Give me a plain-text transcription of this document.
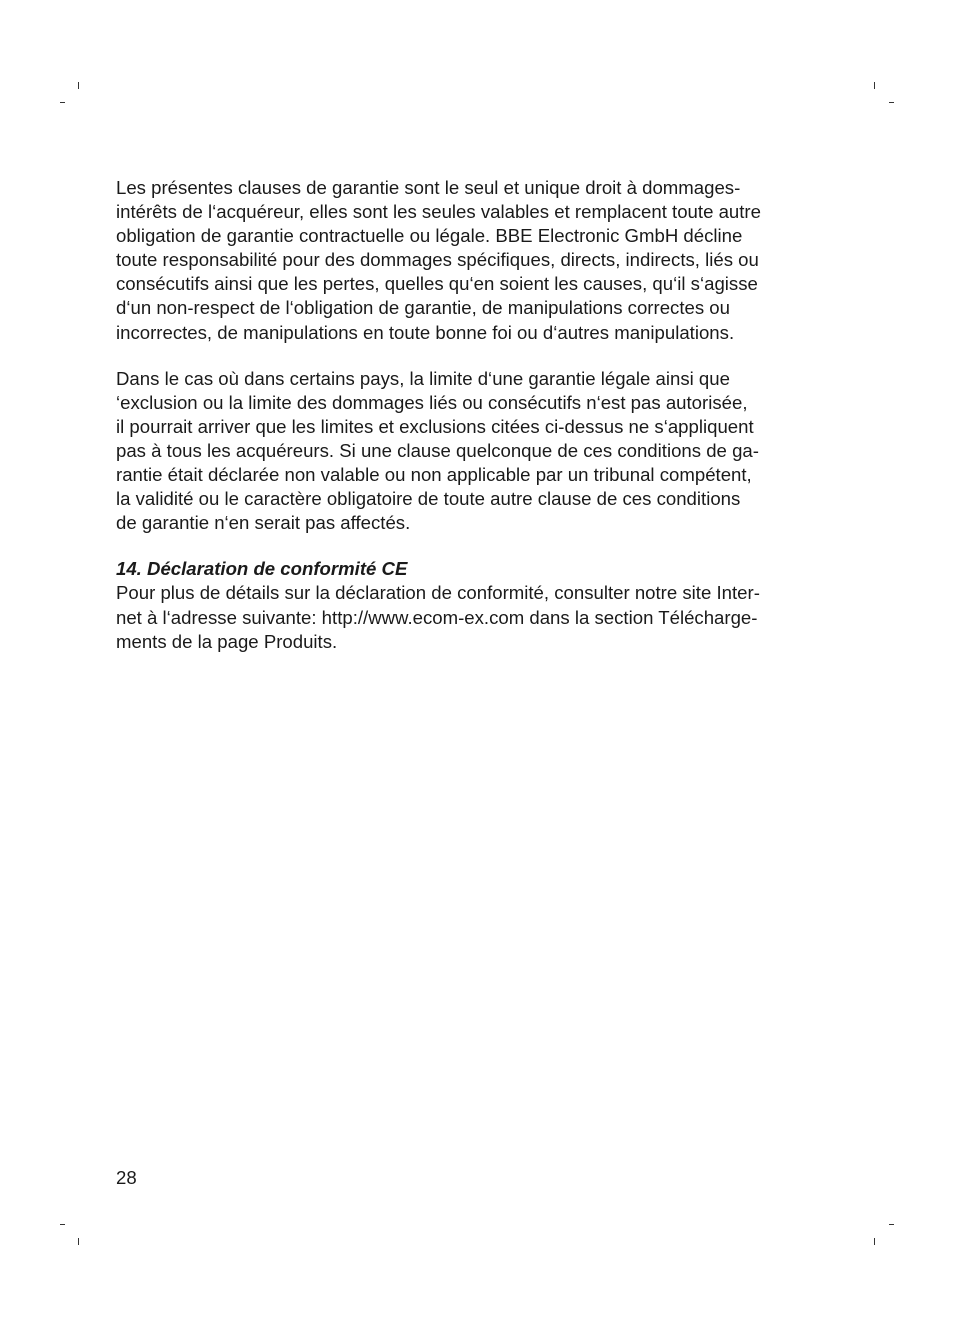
Les présentes clauses de garantie sont le seul et unique droit à dommages-
intérêts de l‘acquéreur, elles sont les seules valables et remplacent toute autre
obligation de garantie contractuelle ou légale. BBE Electronic GmbH décline
toute responsabilité pour des dommages spécifiques, directs, indirects, liés ou
consécutifs ainsi que les pertes, quelles qu‘en soient les causes, qu‘il s‘agisse
d‘un non-respect de l‘obligation de garantie, de manipulations correctes ou
incorrectes, de manipulations en toute bonne foi ou d‘autres manipulations.

Dans le cas où dans certains pays, la limite d‘une garantie légale ainsi que
‘exclusion ou la limite des dommages liés ou consécutifs n‘est pas autorisée,
il pourrait arriver que les limites et exclusions citées ci-dessus ne s‘appliquent
pas à tous les acquéreurs. Si une clause quelconque de ces conditions de ga-
rantie était déclarée non valable ou non applicable par un tribunal compétent,
la validité ou le caractère obligatoire de toute autre clause de ces conditions
de garantie n‘en serait pas affectés.

14. Déclaration de conformité CE

Pour plus de détails sur la déclaration de conformité, consulter notre site Inter-
net à l‘adresse suivante: http://www.ecom-ex.com dans la section Télécharge-
ments de la page Produits.

28
